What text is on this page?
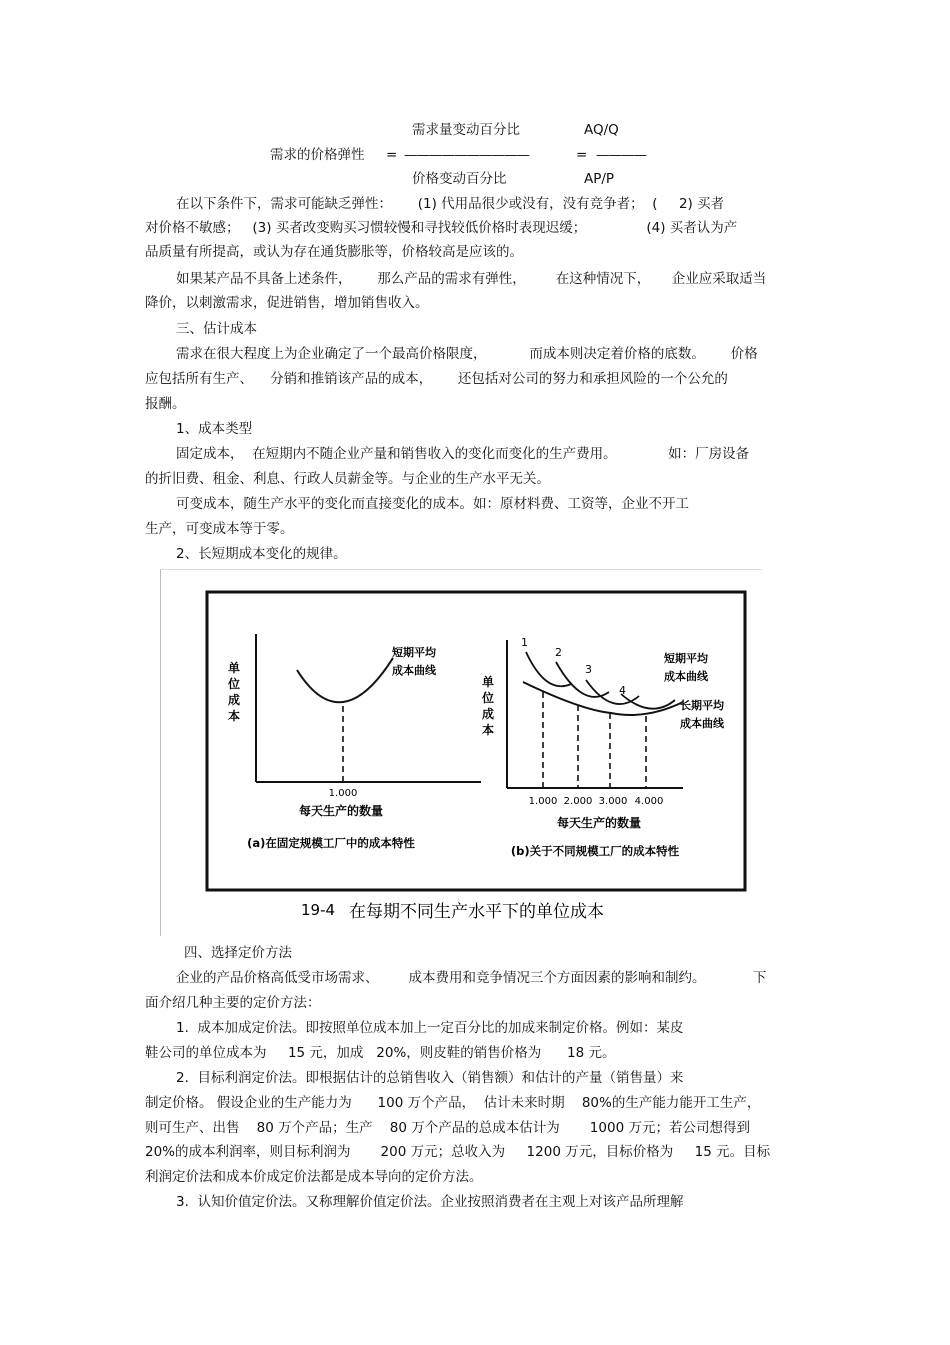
需求量变动百分比	AQ/Q
需求的价格弹性 = ——————————	= ————
价格变动百分比	AP/P
在以下条件下，需求可能缺乏弹性：      (1) 代用品很少或没有，没有竞争者；  (     2) 买者
对价格不敏感；   (3) 买者改变购买习惯较慢和寻找较低价格时表现迟缓；              (4) 买者认为产
品质量有所提高，或认为存在通货膨胀等，价格较高是应该的。
如果某产品不具备上述条件，      那么产品的需求有弹性，       在这种情况下，     企业应采取适当
降价，以刺激需求，促进销售，增加销售收入。
三、估计成本
需求在很大程度上为企业确定了一个最高价格限度，          而成本则决定着价格的底数。      价格
应包括所有生产、    分销和推销该产品的成本，      还包括对公司的努力和承担风险的一个公允的
报酬。
1、成本类型
固定成本，  在短期内不随企业产量和销售收入的变化而变化的生产费用。            如：厂房设备
的折旧费、租金、利息、行政人员薪金等。与企业的生产水平无关。
可变成本，随生产水平的变化而直接变化的成本。如：原材料费、工资等，企业不开工
生产，可变成本等于零。
2、长短期成本变化的规律。
单
位
成
本
短期平均
成本曲线
1.000
每天生产的数量
(a)在固定规模工厂中的成本特性
单
位
成
本
1
2
3
4
1.000 2.000 3.000 4.000
短期平均
成本曲线
长期平均
成本曲线
每天生产的数量
(b)关于不同规模工厂的成本特性
19-4 在每期不同生产水平下的单位成本
四、选择定价方法
企业的产品价格高低受市场需求、       成本费用和竞争情况三个方面因素的影响和制约。           下
面介绍几种主要的定价方法：
1.  成本加成定价法。即按照单位成本加上一定百分比的加成来制定价格。例如：某皮
鞋公司的单位成本为     15 元，加成   20%，则皮鞋的销售价格为      18 元。
2.  目标利润定价法。即根据估计的总销售收入（销售额）和估计的产量（销售量）来
制定价格。 假设企业的生产能力为      100 万个产品，  估计未来时期    80%的生产能力能开工生产，
则可生产、出售    80 万个产品；生产    80 万个产品的总成本估计为       1000 万元；若公司想得到
20%的成本利润率，则目标利润为       200 万元；总收入为     1200 万元，目标价格为     15 元。目标
利润定价法和成本价成定价法都是成本导向的定价方法。
3.  认知价值定价法。又称理解价值定价法。企业按照消费者在主观上对该产品所理解
